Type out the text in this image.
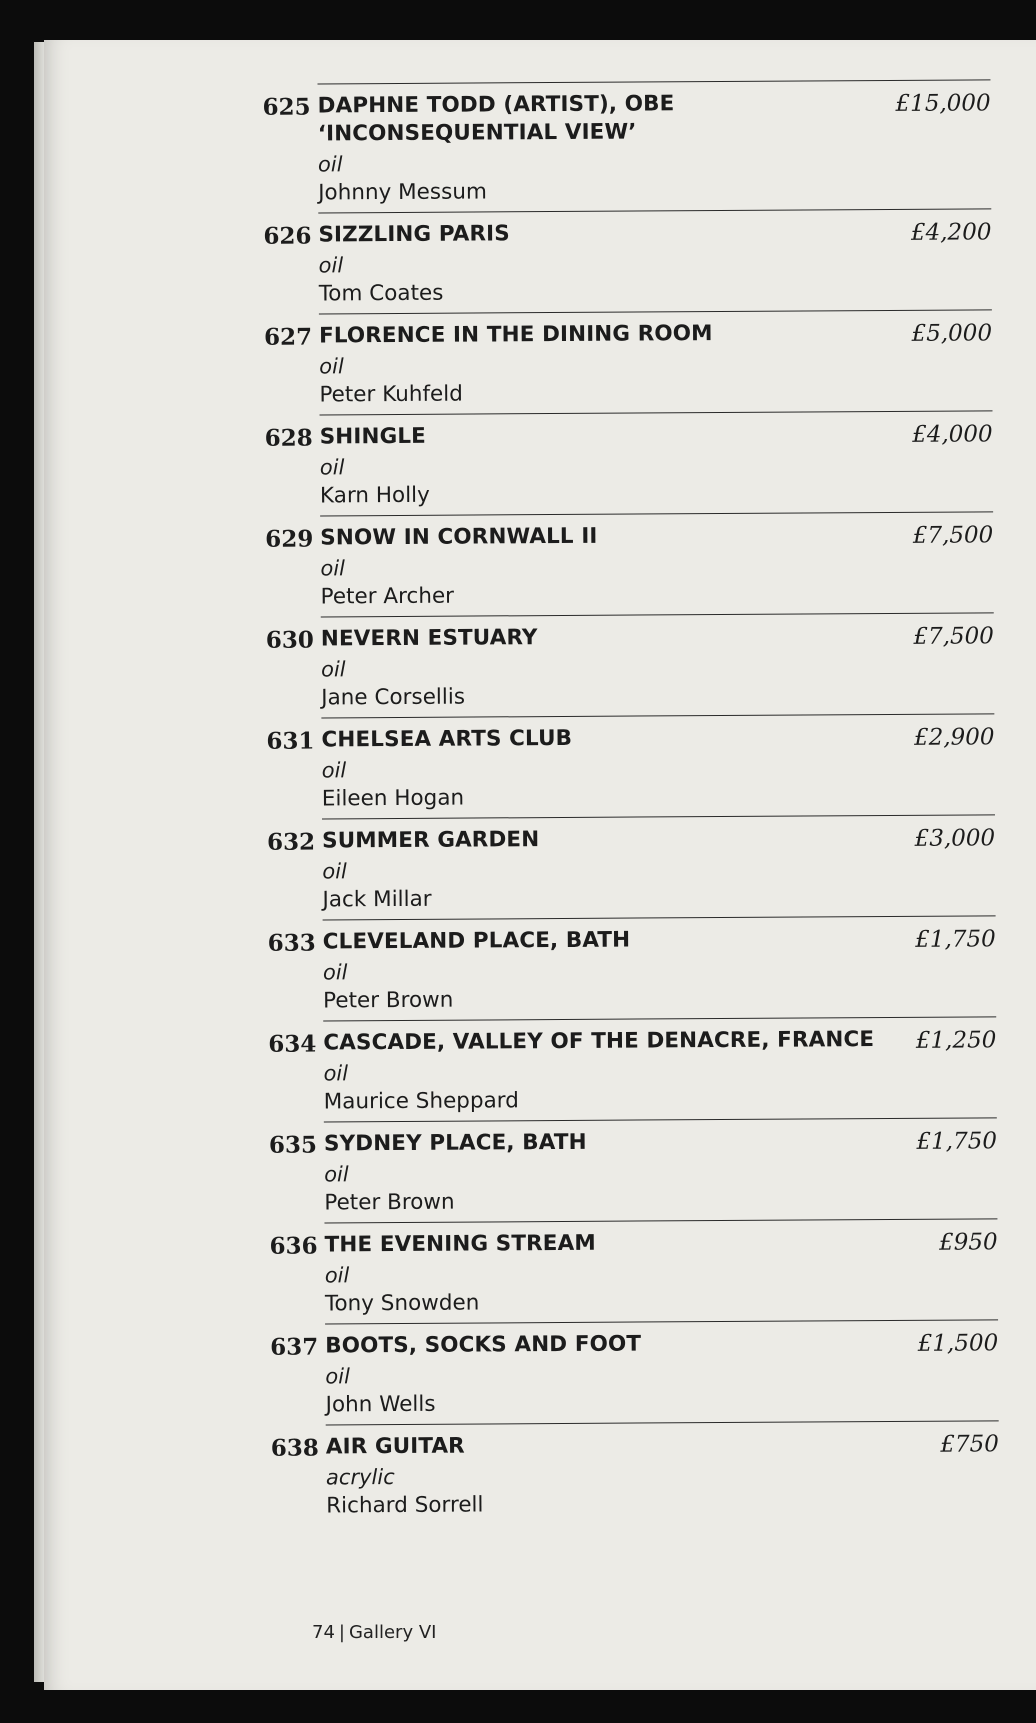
625 DAPHNE TODD (ARTIST), OBE
‘INCONSEQUENTIAL VIEW’
oil
Johnny Messum
£15,000
626 SIZZLING PARIS
oil
Tom Coates
£4,200
627 FLORENCE IN THE DINING ROOM
oil
Peter Kuhfeld
£5,000
628 SHINGLE
oil
Karn Holly
£4,000
629 SNOW IN CORNWALL II
oil
Peter Archer
£7,500
630 NEVERN ESTUARY
oil
Jane Corsellis
£7,500
631 CHELSEA ARTS CLUB
oil
Eileen Hogan
£2,900
632 SUMMER GARDEN
oil
Jack Millar
£3,000
633 CLEVELAND PLACE, BATH
oil
Peter Brown
£1,750
634 CASCADE, VALLEY OF THE DENACRE, FRANCE
oil
Maurice Sheppard
£1,250
635 SYDNEY PLACE, BATH
oil
Peter Brown
£1,750
636 THE EVENING STREAM
oil
Tony Snowden
£950
637 BOOTS, SOCKS AND FOOT
oil
John Wells
£1,500
638 AIR GUITAR
acrylic
Richard Sorrell
£750
74 | Gallery VI
